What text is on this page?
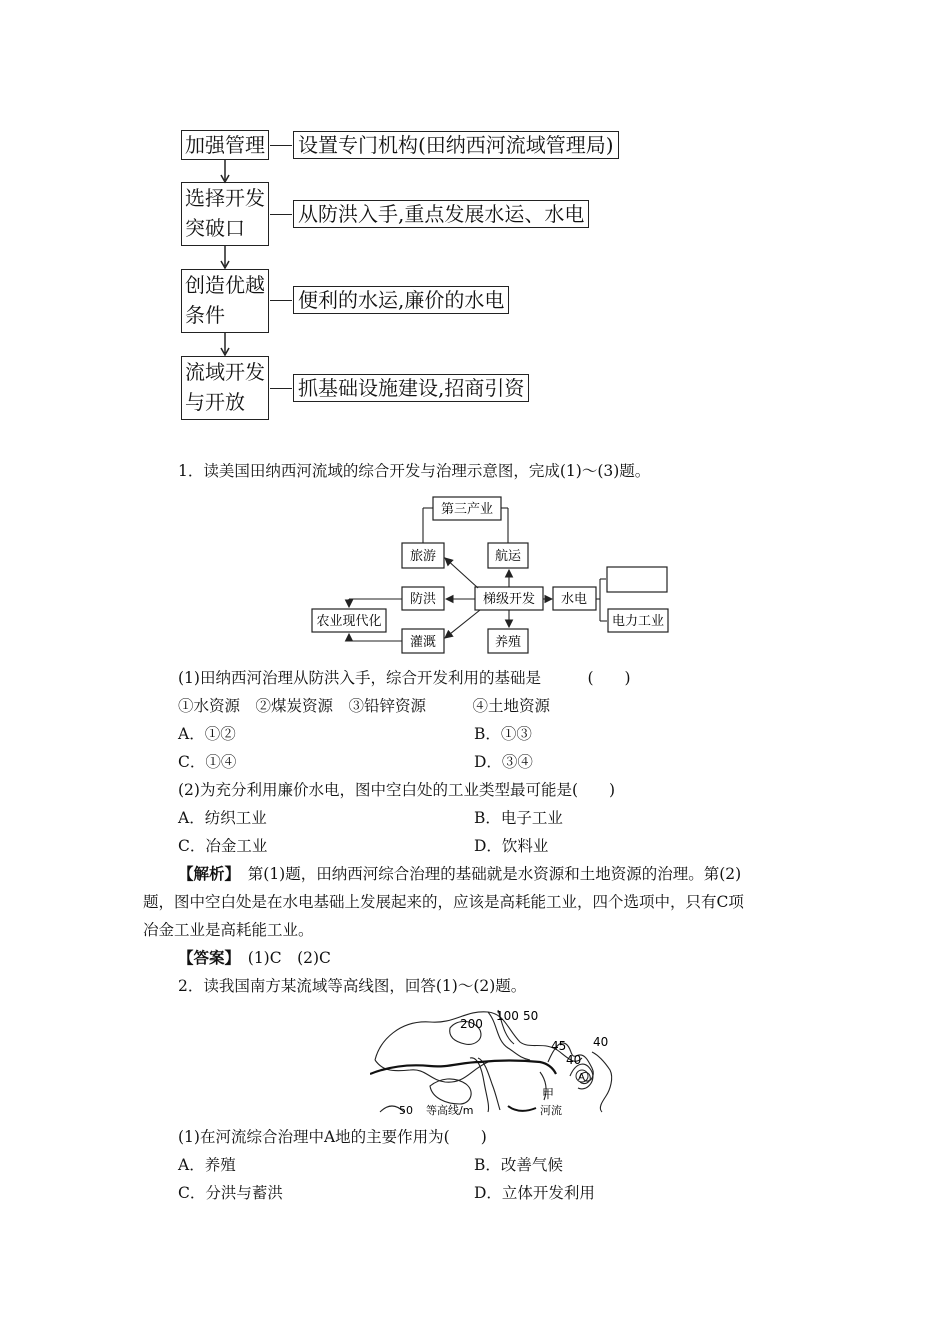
加强管理 设置专门机构(田纳西河流域管理局)
选择开发
突破口
从防洪入手,重点发展水运、水电
创造优越
条件
便利的水运,廉价的水电
流域开发
与开放
抓基础设施建设,招商引资
1．读美国田纳西河流域的综合开发与治理示意图，完成(1)～(3)题。
第三产业
旅游	航运
防洪	梯级开发 水电
电力工业
农业现代化
灌溉	养殖
(1)田纳西河治理从防洪入手，综合开发利用的基础是　　　(　　)
①水资源　②煤炭资源　③铅锌资源　　　④土地资源
A．①②	B．①③
C．①④	D．③④
(2)为充分利用廉价水电，图中空白处的工业类型最可能是(　　)
A．纺织工业	B．电子工业
C．冶金工业	D．饮料业
【解析】　第(1)题，田纳西河综合治理的基础就是水资源和土地资源的治理。第(2)
题，图中空白处是在水电基础上发展起来的，应该是高耗能工业，四个选项中，只有C项
冶金工业是高耗能工业。
【答案】　(1)C　(2)C
2．读我国南方某流域等高线图，回答(1)～(2)题。
200
100 50
45
40
40
A
甲
50 等高线/m	河流
(1)在河流综合治理中A地的主要作用为(　　)
A．养殖	B．改善气候
C．分洪与蓄洪	D．立体开发利用
